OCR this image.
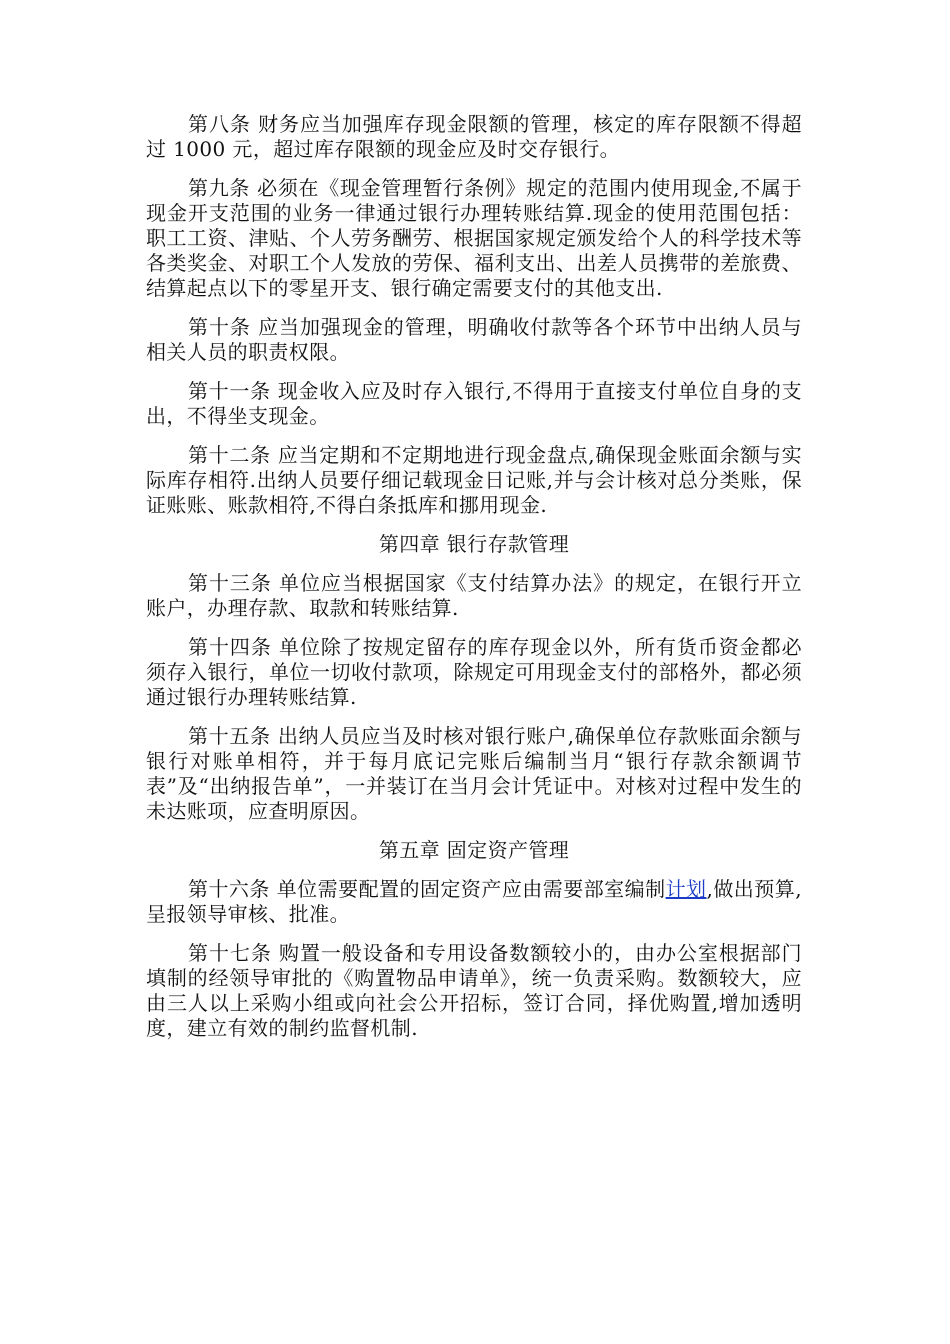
第八条 财务应当加强库存现金限额的管理，核定的库存限额不得超过 1000 元，超过库存限额的现金应及时交存银行。

第九条 必须在《现金管理暂行条例》规定的范围内使用现金,不属于现金开支范围的业务一律通过银行办理转账结算.现金的使用范围包括：职工工资、津贴、个人劳务酬劳、根据国家规定颁发给个人的科学技术等各类奖金、对职工个人发放的劳保、福利支出、出差人员携带的差旅费、结算起点以下的零星开支、银行确定需要支付的其他支出.

第十条 应当加强现金的管理，明确收付款等各个环节中出纳人员与相关人员的职责权限。

第十一条 现金收入应及时存入银行,不得用于直接支付单位自身的支出，不得坐支现金。

第十二条 应当定期和不定期地进行现金盘点,确保现金账面余额与实际库存相符.出纳人员要仔细记载现金日记账,并与会计核对总分类账，保证账账、账款相符,不得白条抵库和挪用现金.

第四章 银行存款管理

第十三条 单位应当根据国家《支付结算办法》的规定，在银行开立账户，办理存款、取款和转账结算.

第十四条 单位除了按规定留存的库存现金以外，所有货币资金都必须存入银行，单位一切收付款项，除规定可用现金支付的部格外，都必须通过银行办理转账结算.

第十五条 出纳人员应当及时核对银行账户,确保单位存款账面余额与银行对账单相符，并于每月底记完账后编制当月“银行存款余额调节表”及“出纳报告单”，一并装订在当月会计凭证中。对核对过程中发生的未达账项，应查明原因。

第五章 固定资产管理

第十六条 单位需要配置的固定资产应由需要部室编制计划,做出预算,呈报领导审核、批准。

第十七条 购置一般设备和专用设备数额较小的，由办公室根据部门填制的经领导审批的《购置物品申请单》，统一负责采购。数额较大，应由三人以上采购小组或向社会公开招标，签订合同，择优购置,增加透明度，建立有效的制约监督机制.
